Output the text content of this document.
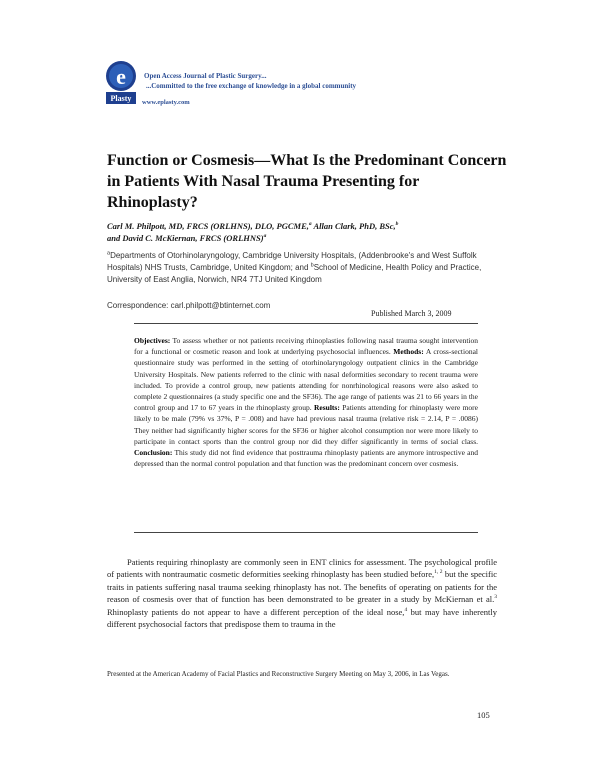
e
Plasty
Open Access Journal of Plastic Surgery...
...Committed to the free exchange of knowledge in a global community
www.eplasty.com
Function or Cosmesis—What Is the Predominant Concern in Patients With Nasal Trauma Presenting for Rhinoplasty?
Carl M. Philpott, MD, FRCS (ORLHNS), DLO, PGCME,$^a$ Allan Clark, PhD, BSc,$^b$
and David C. McKiernan, FRCS (ORLHNS)$^a$
$^a$Departments of Otorhinolaryngology, Cambridge University Hospitals, (Addenbrooke's and West Suffolk Hospitals) NHS Trusts, Cambridge, United Kingdom; and $^b$School of Medicine, Health Policy and Practice, University of East Anglia, Norwich, NR4 7TJ United Kingdom
Correspondence: carl.philpott@btinternet.com
Published March 3, 2009
Objectives: To assess whether or not patients receiving rhinoplasties following nasal trauma sought intervention for a functional or cosmetic reason and look at underlying psychosocial influences. Methods: A cross-sectional questionnaire study was performed in the setting of otorhinolaryngology outpatient clinics in the Cambridge University Hospitals. New patients referred to the clinic with nasal deformities secondary to recent trauma were included. To provide a control group, new patients attending for nonrhinological reasons were also asked to complete 2 questionnaires (a study specific one and the SF36). The age range of patients was 21 to 66 years in the control group and 17 to 67 years in the rhinoplasty group. Results: Patients attending for rhinoplasty were more likely to be male (79% vs 37%, P = .008) and have had previous nasal trauma (relative risk = 2.14, P = .0086) They neither had significantly higher scores for the SF36 or higher alcohol consumption nor were more likely to participate in contact sports than the control group nor did they differ significantly in terms of social class. Conclusion: This study did not find evidence that posttrauma rhinoplasty patients are anymore introspective and depressed than the normal control population and that function was the predominant concern over cosmesis.
Patients requiring rhinoplasty are commonly seen in ENT clinics for assessment. The psychological profile of patients with nontraumatic cosmetic deformities seeking rhinoplasty has been studied before,$^{1, 2}$ but the specific traits in patients suffering nasal trauma seeking rhinoplasty has not. The benefits of operating on patients for the reason of cosmesis over that of function has been demonstrated to be greater in a study by McKiernan et al.$^3$ Rhinoplasty patients do not appear to have a different perception of the ideal nose,$^4$ but may have inherently different psychosocial factors that predispose them to trauma in the
Presented at the American Academy of Facial Plastics and Reconstructive Surgery Meeting on May 3, 2006, in Las Vegas.
105
